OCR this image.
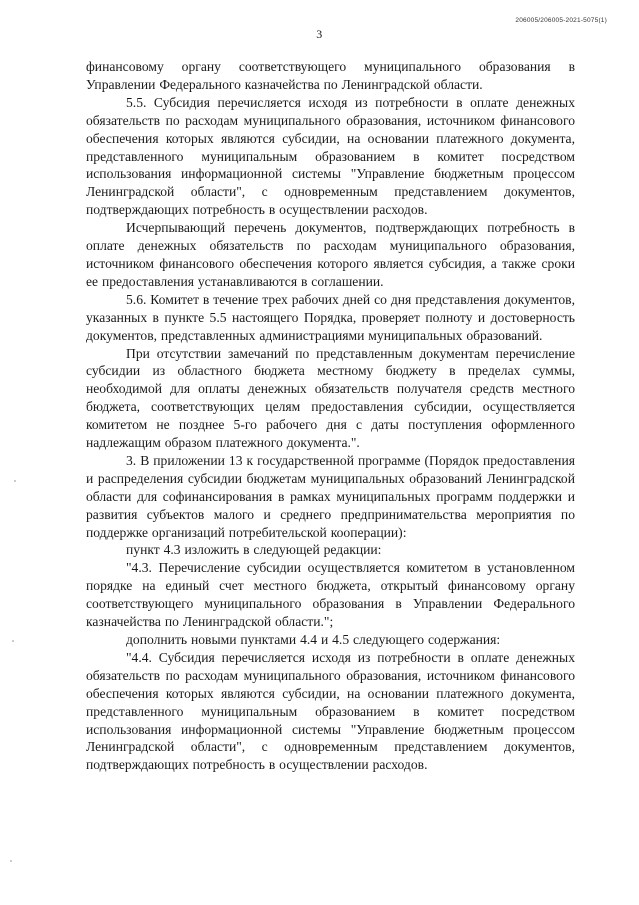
3
206005/206005-2021-5075(1)

финансовому органу соответствующего муниципального образования в Управлении Федерального казначейства по Ленинградской области.

5.5. Субсидия перечисляется исходя из потребности в оплате денежных обязательств по расходам муниципального образования, источником финансового обеспечения которых являются субсидии, на основании платежного документа, представленного муниципальным образованием в комитет посредством использования информационной системы "Управление бюджетным процессом Ленинградской области", с одновременным представлением документов, подтверждающих потребность в осуществлении расходов.

Исчерпывающий перечень документов, подтверждающих потребность в оплате денежных обязательств по расходам муниципального образования, источником финансового обеспечения которого является субсидия, а также сроки ее предоставления устанавливаются в соглашении.

5.6. Комитет в течение трех рабочих дней со дня представления документов, указанных в пункте 5.5 настоящего Порядка, проверяет полноту и достоверность документов, представленных администрациями муниципальных образований.

При отсутствии замечаний по представленным документам перечисление субсидии из областного бюджета местному бюджету в пределах суммы, необходимой для оплаты денежных обязательств получателя средств местного бюджета, соответствующих целям предоставления субсидии, осуществляется комитетом не позднее 5-го рабочего дня с даты поступления оформленного надлежащим образом платежного документа.".

3. В приложении 13 к государственной программе (Порядок предоставления и распределения субсидии бюджетам муниципальных образований Ленинградской области для софинансирования в рамках муниципальных программ поддержки и развития субъектов малого и среднего предпринимательства мероприятия по поддержке организаций потребительской кооперации):

пункт 4.3 изложить в следующей редакции:

"4.3. Перечисление субсидии осуществляется комитетом в установленном порядке на единый счет местного бюджета, открытый финансовому органу соответствующего муниципального образования в Управлении Федерального казначейства по Ленинградской области.";

дополнить новыми пунктами 4.4 и 4.5 следующего содержания:

"4.4. Субсидия перечисляется исходя из потребности в оплате денежных обязательств по расходам муниципального образования, источником финансового обеспечения которых являются субсидии, на основании платежного документа, представленного муниципальным образованием в комитет посредством использования информационной системы "Управление бюджетным процессом Ленинградской области", с одновременным представлением документов, подтверждающих потребность в осуществлении расходов.
